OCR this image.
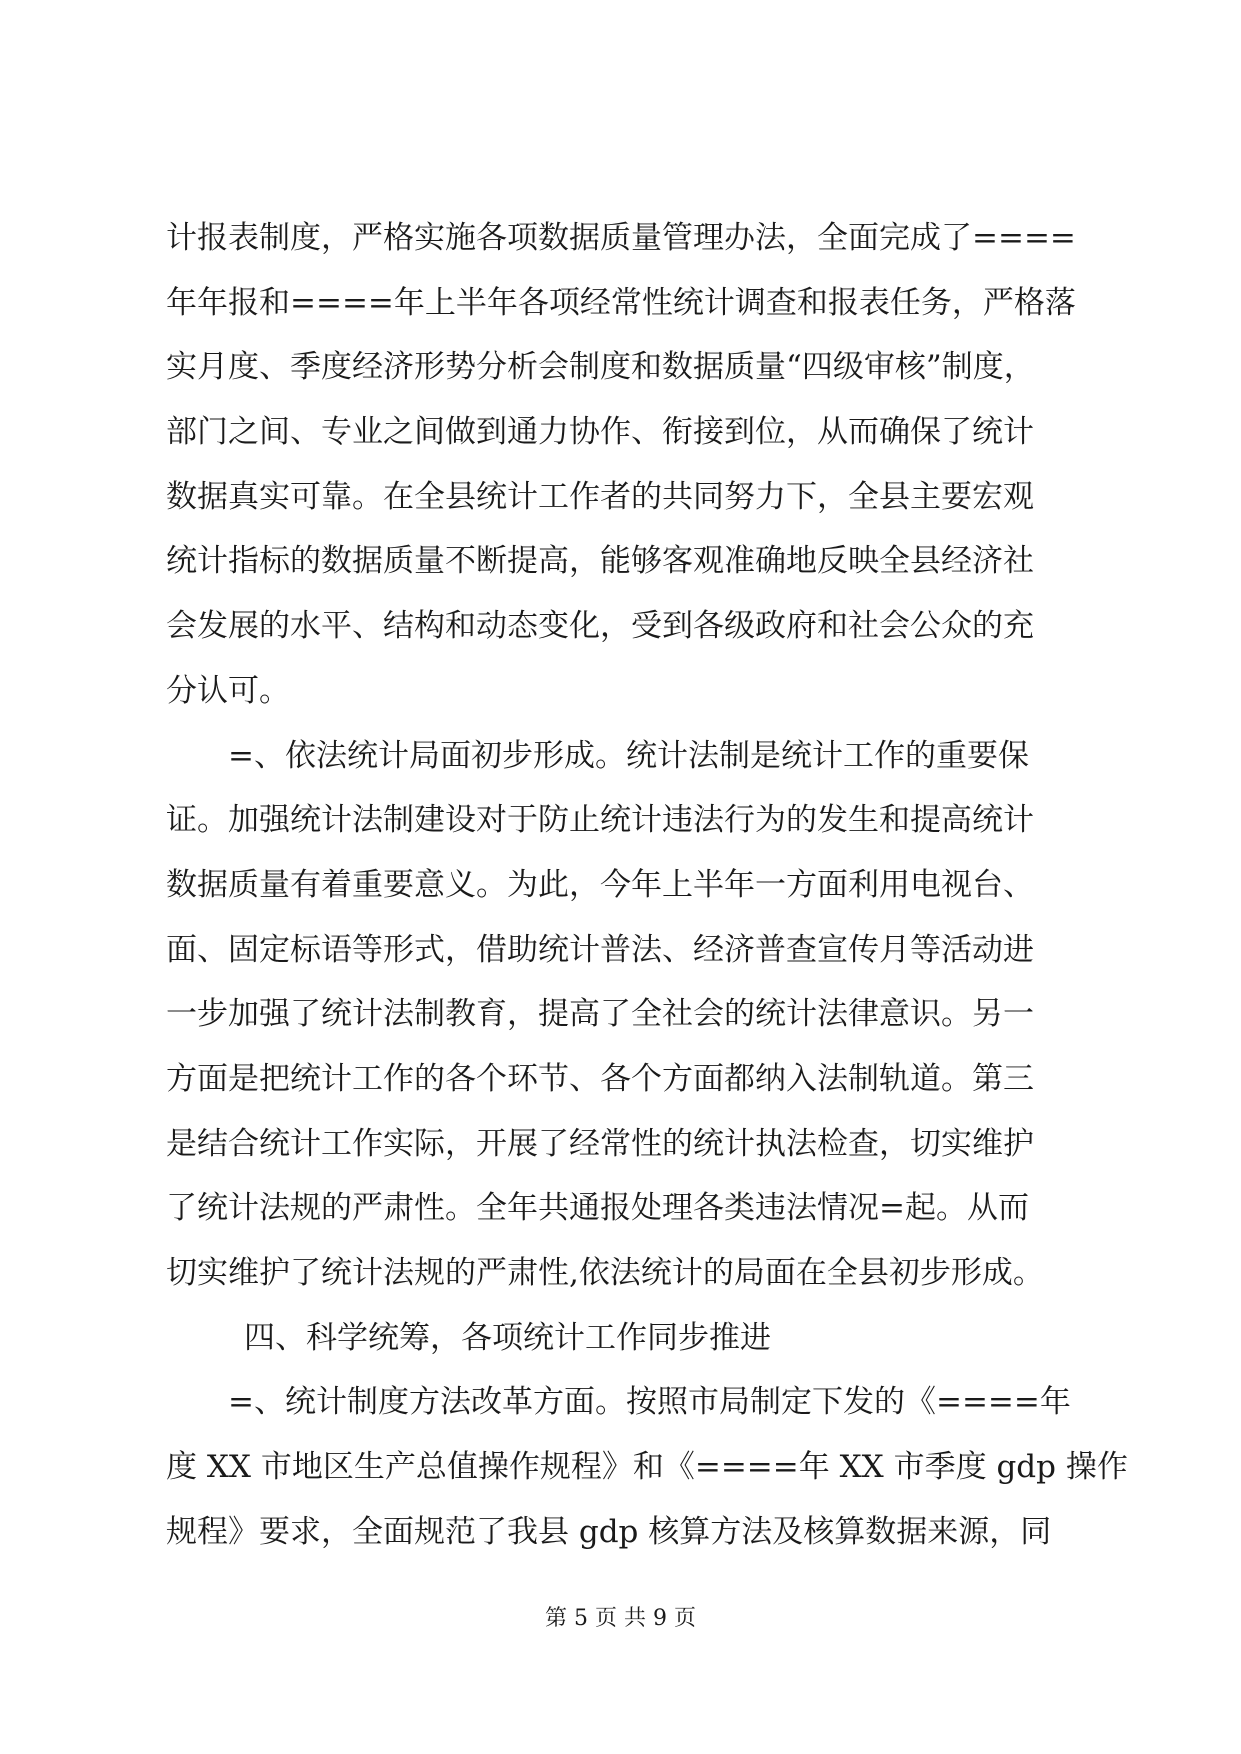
计报表制度，严格实施各项数据质量管理办法，全面完成了====
年年报和====年上半年各项经常性统计调查和报表任务，严格落
实月度、季度经济形势分析会制度和数据质量“四级审核”制度，
部门之间、专业之间做到通力协作、衔接到位，从而确保了统计
数据真实可靠。在全县统计工作者的共同努力下，全县主要宏观
统计指标的数据质量不断提高，能够客观准确地反映全县经济社
会发展的水平、结构和动态变化，受到各级政府和社会公众的充
分认可。
=、依法统计局面初步形成。统计法制是统计工作的重要保
证。加强统计法制建设对于防止统计违法行为的发生和提高统计
数据质量有着重要意义。为此，今年上半年一方面利用电视台、
面、固定标语等形式，借助统计普法、经济普查宣传月等活动进
一步加强了统计法制教育，提高了全社会的统计法律意识。另一
方面是把统计工作的各个环节、各个方面都纳入法制轨道。第三
是结合统计工作实际，开展了经常性的统计执法检查，切实维护
了统计法规的严肃性。全年共通报处理各类违法情况=起。从而
切实维护了统计法规的严肃性,依法统计的局面在全县初步形成。
四、科学统筹，各项统计工作同步推进
=、统计制度方法改革方面。按照市局制定下发的《====年
度 XX 市地区生产总值操作规程》和《====年 XX 市季度 gdp 操作
规程》要求，全面规范了我县 gdp 核算方法及核算数据来源，同
第 5 页 共 9 页
